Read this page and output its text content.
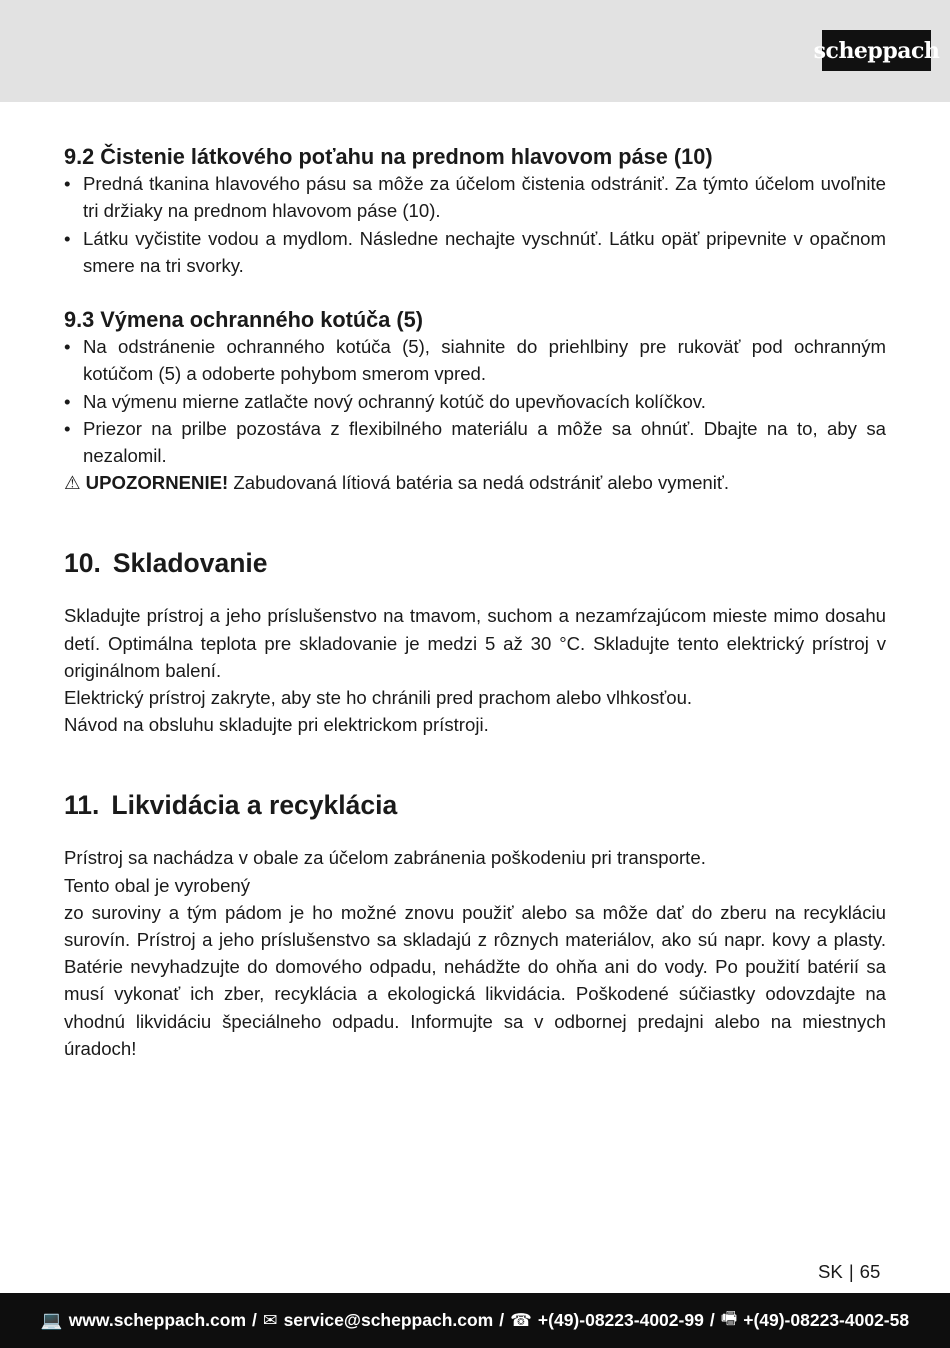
scheppach
9.2 Čistenie látkového poťahu na prednom hlavovom páse (10)
• Predná tkanina hlavového pásu sa môže za účelom čistenia odstrániť. Za týmto účelom uvoľnite tri držiaky na prednom hlavovom páse (10).
• Látku vyčistite vodou a mydlom. Následne nechajte vyschnúť. Látku opäť pripevnite v opačnom smere na tri svorky.
9.3 Výmena ochranného kotúča (5)
• Na odstránenie ochranného kotúča (5), siahnite do priehlbiny pre rukoväť pod ochranným kotúčom (5) a odoberte pohybom smerom vpred.
• Na výmenu mierne zatlačte nový ochranný kotúč do upevňovacích kolíčkov.
• Priezor na prilbe pozostáva z flexibilného materiálu a môže sa ohnúť. Dbajte na to, aby sa nezalomil.

⚠ UPOZORNENIE! Zabudovaná lítiová batéria sa nedá odstrániť alebo vymeniť.

10. Skladovanie

Skladujte prístroj a jeho príslušenstvo na tmavom, suchom a nezamŕzajúcom mieste mimo dosahu detí. Optimálna teplota pre skladovanie je medzi 5 až 30 °C. Skladujte tento elektrický prístroj v originálnom balení.

Elektrický prístroj zakryte, aby ste ho chránili pred prachom alebo vlhkosťou.

Návod na obsluhu skladujte pri elektrickom prístroji.

11. Likvidácia a recyklácia

Prístroj sa nachádza v obale za účelom zabránenia poškodeniu pri transporte.

Tento obal je vyrobený

zo suroviny a tým pádom je ho možné znovu použiť alebo sa môže dať do zberu na recykláciu surovín. Prístroj a jeho príslušenstvo sa skladajú z rôznych materiálov, ako sú napr. kovy a plasty. Batérie nevyhadzujte do domového odpadu, nehádžte do ohňa ani do vody. Po použití batérií sa musí vykonať ich zber, recyklácia a ekologická likvidácia. Poškodené súčiastky odovzdajte na vhodnú likvidáciu špeciálneho odpadu. Informujte sa v odbornej predajni alebo na miestnych úradoch!

SK | 65
💻 www.scheppach.com / ✉ service@scheppach.com / ☎ +(49)-08223-4002-99 / 🖷 +(49)-08223-4002-58
